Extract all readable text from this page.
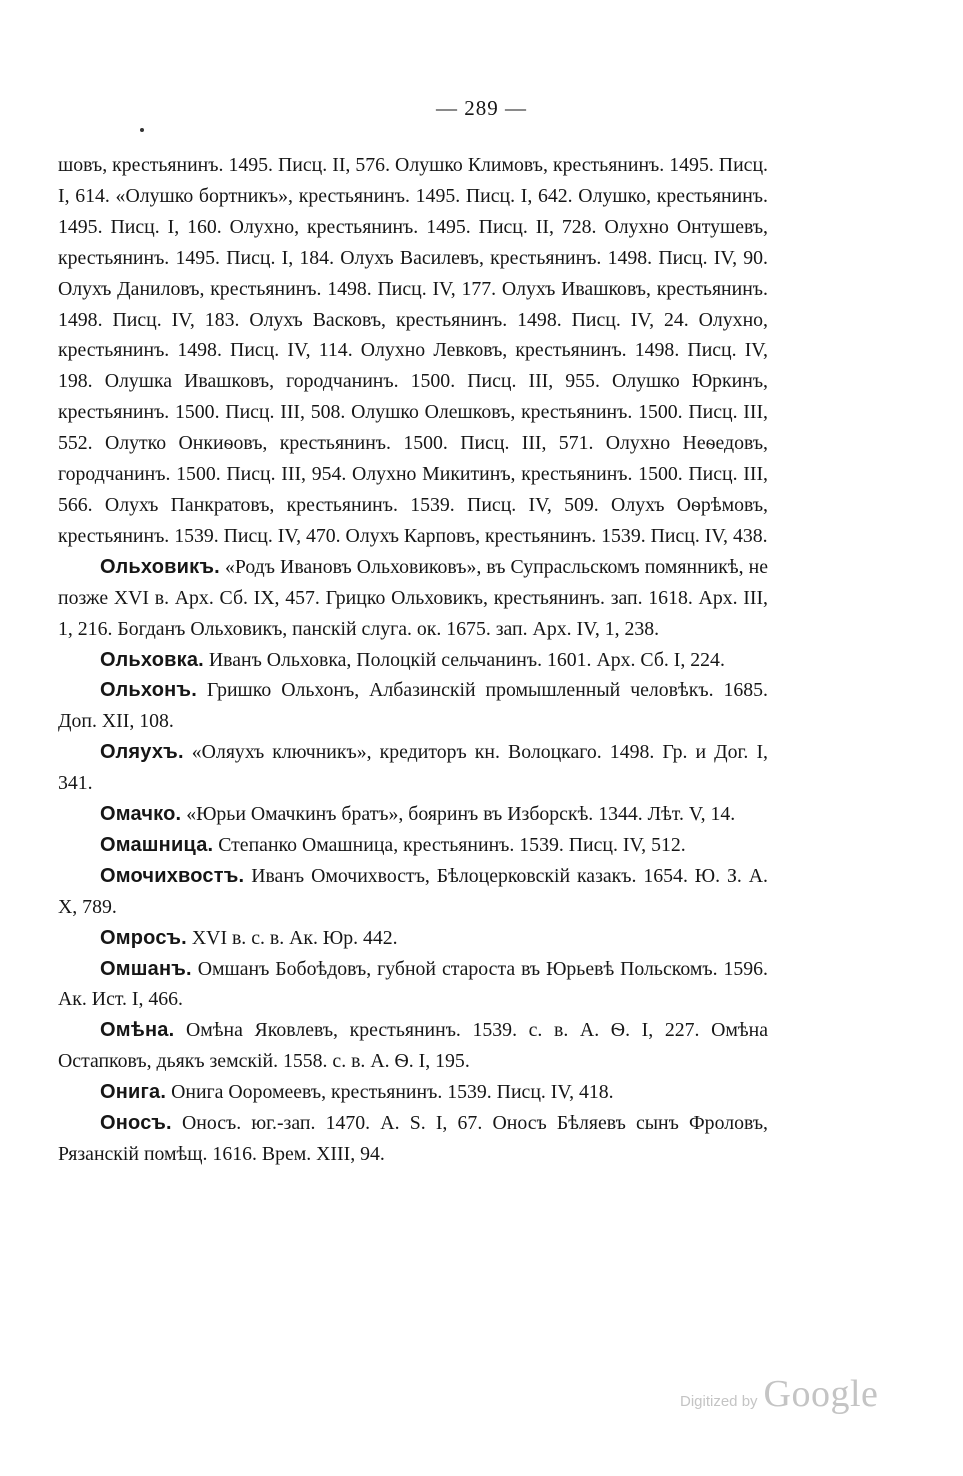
— 289 —

шовъ, крестьянинъ. 1495. Писц. II, 576. Олушко Климовъ, крестьянинъ. 1495. Писц. I, 614. «Олушко бортникъ», крестьянинъ. 1495. Писц. I, 642. Олушко, крестьянинъ. 1495. Писц. I, 160. Олухно, крестьянинъ. 1495. Писц. II, 728. Олухно Онтушевъ, крестьянинъ. 1495. Писц. I, 184. Олухъ Василевъ, крестьянинъ. 1498. Писц. IV, 90. Олухъ Даниловъ, крестьянинъ. 1498. Писц. IV, 177. Олухъ Ивашковъ, крестьянинъ. 1498. Писц. IV, 183. Олухъ Васковъ, крестьянинъ. 1498. Писц. IV, 24. Олухно, крестьянинъ. 1498. Писц. IV, 114. Олухно Левковъ, крестьянинъ. 1498. Писц. IV, 198. Олушка Ивашковъ, городчанинъ. 1500. Писц. III, 955. Олушко Юркинъ, крестьянинъ. 1500. Писц. III, 508. Олушко Олешковъ, крестьянинъ. 1500. Писц. III, 552. Олутко Онкиѳовъ, крестьянинъ. 1500. Писц. III, 571. Олухно Неѳедовъ, городчанинъ. 1500. Писц. III, 954. Олухно Микитинъ, крестьянинъ. 1500. Писц. III, 566. Олухъ Панкратовъ, крестьянинъ. 1539. Писц. IV, 509. Олухъ Оѳрѣмовъ, крестьянинъ. 1539. Писц. IV, 470. Олухъ Карповъ, крестьянинъ. 1539. Писц. IV, 438.

Ольховикъ. «Родъ Ивановъ Ольховиковъ», въ Супрасльскомъ помянникѣ, не позже XVI в. Арх. Сб. IX, 457. Грицко Ольховикъ, крестьянинъ. зап. 1618. Арх. III, 1, 216. Богданъ Ольховикъ, панскій слуга. ок. 1675. зап. Арх. IV, 1, 238.

Ольховка. Иванъ Ольховка, Полоцкій сельчанинъ. 1601. Арх. Сб. I, 224.

Ольхонъ. Гришко Ольхонъ, Албазинскій промышленный человѣкъ. 1685. Доп. XII, 108.

Оляухъ. «Оляухъ ключникъ», кредиторъ кн. Волоцкаго. 1498. Гр. и Дог. I, 341.

Омачко. «Юрьи Омачкинъ братъ», бояринъ въ Изборскѣ. 1344. Лѣт. V, 14.

Омашница. Степанко Омашница, крестьянинъ. 1539. Писц. IV, 512.

Омочихвостъ. Иванъ Омочихвостъ, Бѣлоцерковскій казакъ. 1654. Ю. З. А. X, 789.

Омросъ. XVI в. с. в. Ак. Юр. 442.

Омшанъ. Омшанъ Бобоѣдовъ, губной староста въ Юрьевѣ Польскомъ. 1596. Ак. Ист. I, 466.

Омѣна. Омѣна Яковлевъ, крестьянинъ. 1539. с. в. А. Ѳ. I, 227. Омѣна Остапковъ, дьякъ земскій. 1558. с. в. А. Ѳ. I, 195.

Онига. Онига Ооромеевъ, крестьянинъ. 1539. Писц. IV, 418.

Оносъ. Оносъ. юг.-зап. 1470. А. S. I, 67. Оносъ Бѣляевъ сынъ Фроловъ, Рязанскій помѣщ. 1616. Врем. XIII, 94.

Digitized by Google
